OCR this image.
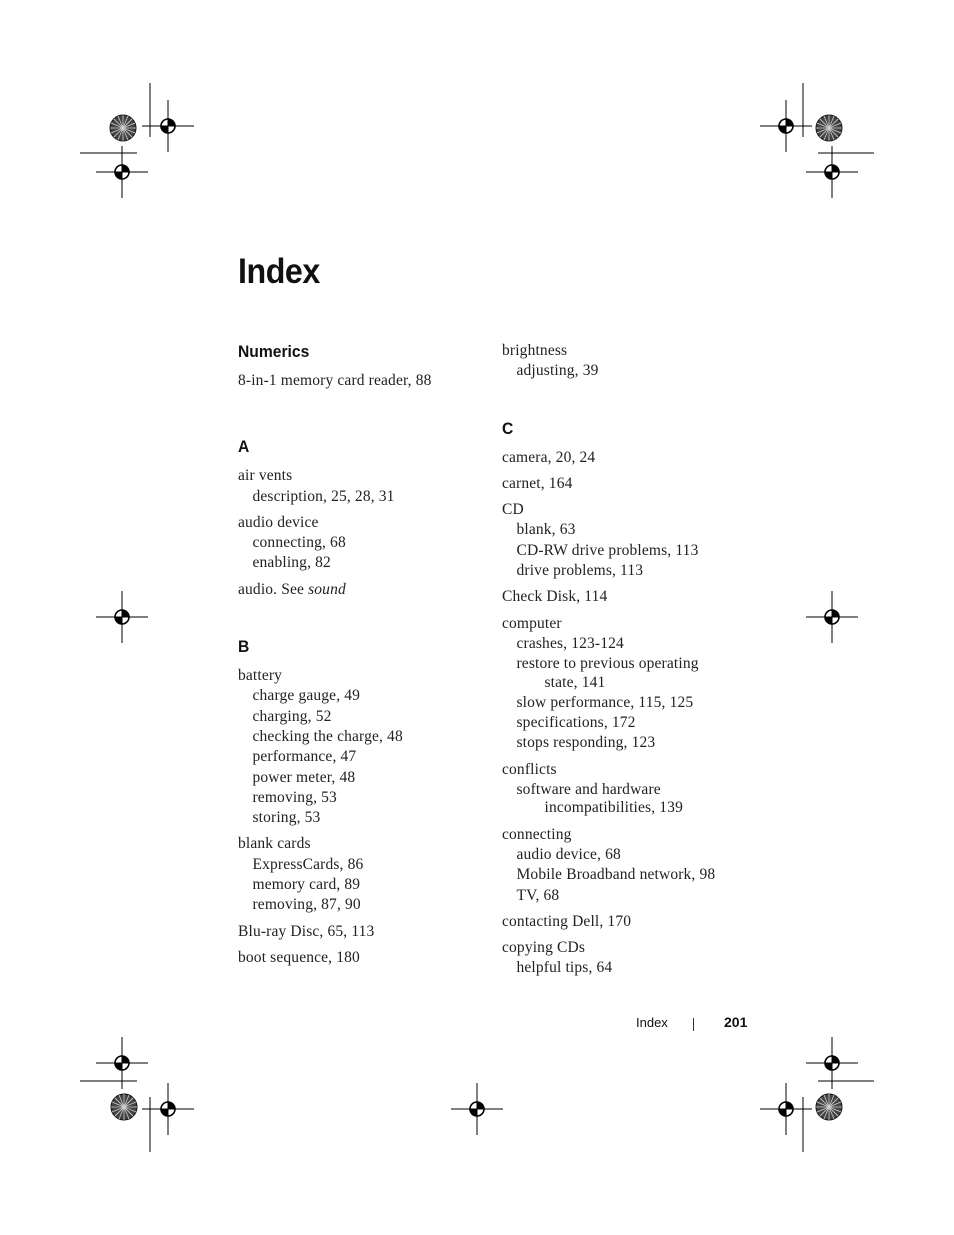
Index
Numerics
8-in-1 memory card reader, 88
A
air vents
description, 25, 28, 31
audio device
connecting, 68
enabling, 82
audio. See sound
B
battery
charge gauge, 49
charging, 52
checking the charge, 48
performance, 47
power meter, 48
removing, 53
storing, 53
blank cards
ExpressCards, 86
memory card, 89
removing, 87, 90
Blu-ray Disc, 65, 113
boot sequence, 180
brightness
adjusting, 39
C
camera, 20, 24
carnet, 164
CD
blank, 63
CD-RW drive problems, 113
drive problems, 113
Check Disk, 114
computer
crashes, 123-124
restore to previous operating
state, 141
slow performance, 115, 125
specifications, 172
stops responding, 123
conflicts
software and hardware
incompatibilities, 139
connecting
audio device, 68
Mobile Broadband network, 98
TV, 68
contacting Dell, 170
copying CDs
helpful tips, 64
Index	201
